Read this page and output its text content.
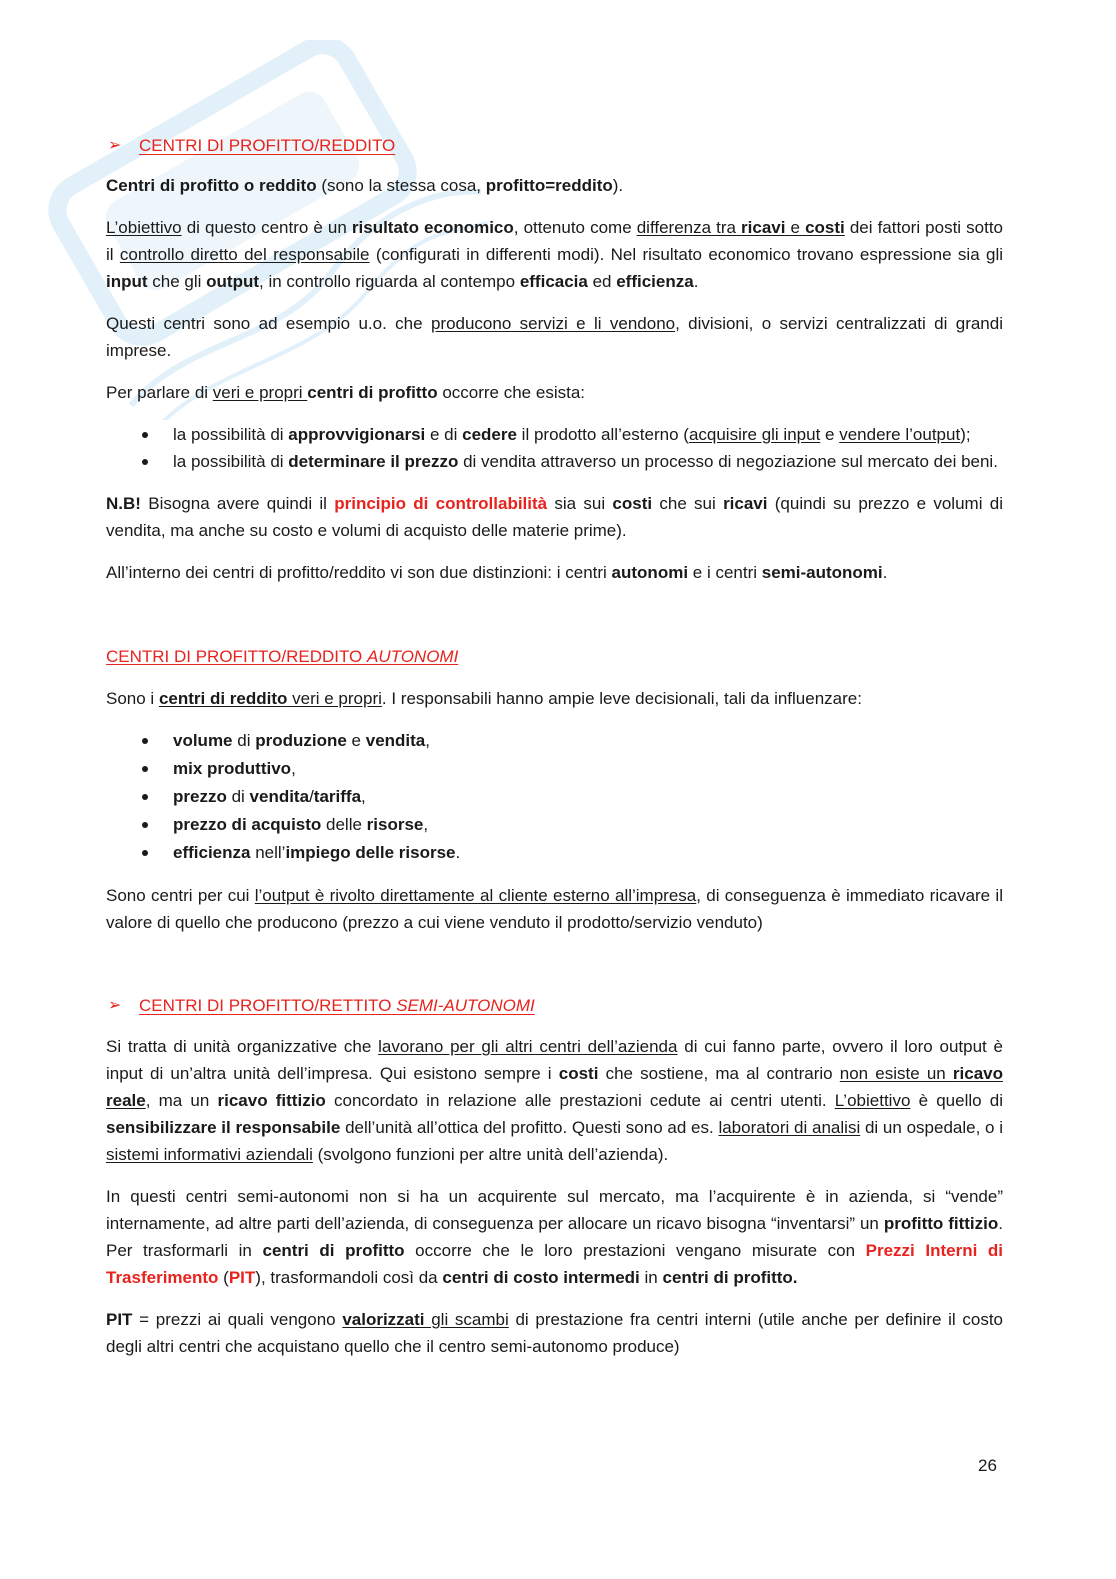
➢ CENTRI DI PROFITTO/REDDITO

Centri di profitto o reddito (sono la stessa cosa, profitto=reddito).

L’obiettivo di questo centro è un risultato economico, ottenuto come differenza tra ricavi e costi dei fattori posti sotto il controllo diretto del responsabile (configurati in differenti modi). Nel risultato economico trovano espressione sia gli input che gli output, in controllo riguarda al contempo efficacia ed efficienza.

Questi centri sono ad esempio u.o. che producono servizi e li vendono, divisioni, o servizi centralizzati di grandi imprese.

Per parlare di veri e propri centri di profitto occorre che esista:

la possibilità di approvvigionarsi e di cedere il prodotto all’esterno (acquisire gli input e vendere l’output);
la possibilità di determinare il prezzo di vendita attraverso un processo di negoziazione sul mercato dei beni.

N.B! Bisogna avere quindi il principio di controllabilità sia sui costi che sui ricavi (quindi su prezzo e volumi di vendita, ma anche su costo e volumi di acquisto delle materie prime).

All’interno dei centri di profitto/reddito vi son due distinzioni: i centri autonomi e i centri semi-autonomi.

CENTRI DI PROFITTO/REDDITO AUTONOMI

Sono i centri di reddito veri e propri. I responsabili hanno ampie leve decisionali, tali da influenzare:

volume di produzione e vendita,
mix produttivo,
prezzo di vendita/tariffa,
prezzo di acquisto delle risorse,
efficienza nell’impiego delle risorse.

Sono centri per cui l’output è rivolto direttamente al cliente esterno all’impresa, di conseguenza è immediato ricavare il valore di quello che producono (prezzo a cui viene venduto il prodotto/servizio venduto)

➢ CENTRI DI PROFITTO/RETTITO SEMI-AUTONOMI

Si tratta di unità organizzative che lavorano per gli altri centri dell’azienda di cui fanno parte, ovvero il loro output è input di un’altra unità dell’impresa. Qui esistono sempre i costi che sostiene, ma al contrario non esiste un ricavo reale, ma un ricavo fittizio concordato in relazione alle prestazioni cedute ai centri utenti. L’obiettivo è quello di sensibilizzare il responsabile dell’unità all’ottica del profitto. Questi sono ad es. laboratori di analisi di un ospedale, o i sistemi informativi aziendali (svolgono funzioni per altre unità dell’azienda).

In questi centri semi-autonomi non si ha un acquirente sul mercato, ma l’acquirente è in azienda, si “vende” internamente, ad altre parti dell’azienda, di conseguenza per allocare un ricavo bisogna “inventarsi” un profitto fittizio. Per trasformarli in centri di profitto occorre che le loro prestazioni vengano misurate con Prezzi Interni di Trasferimento (PIT), trasformandoli così da centri di costo intermedi in centri di profitto.

PIT = prezzi ai quali vengono valorizzati gli scambi di prestazione fra centri interni (utile anche per definire il costo degli altri centri che acquistano quello che il centro semi-autonomo produce)

26
